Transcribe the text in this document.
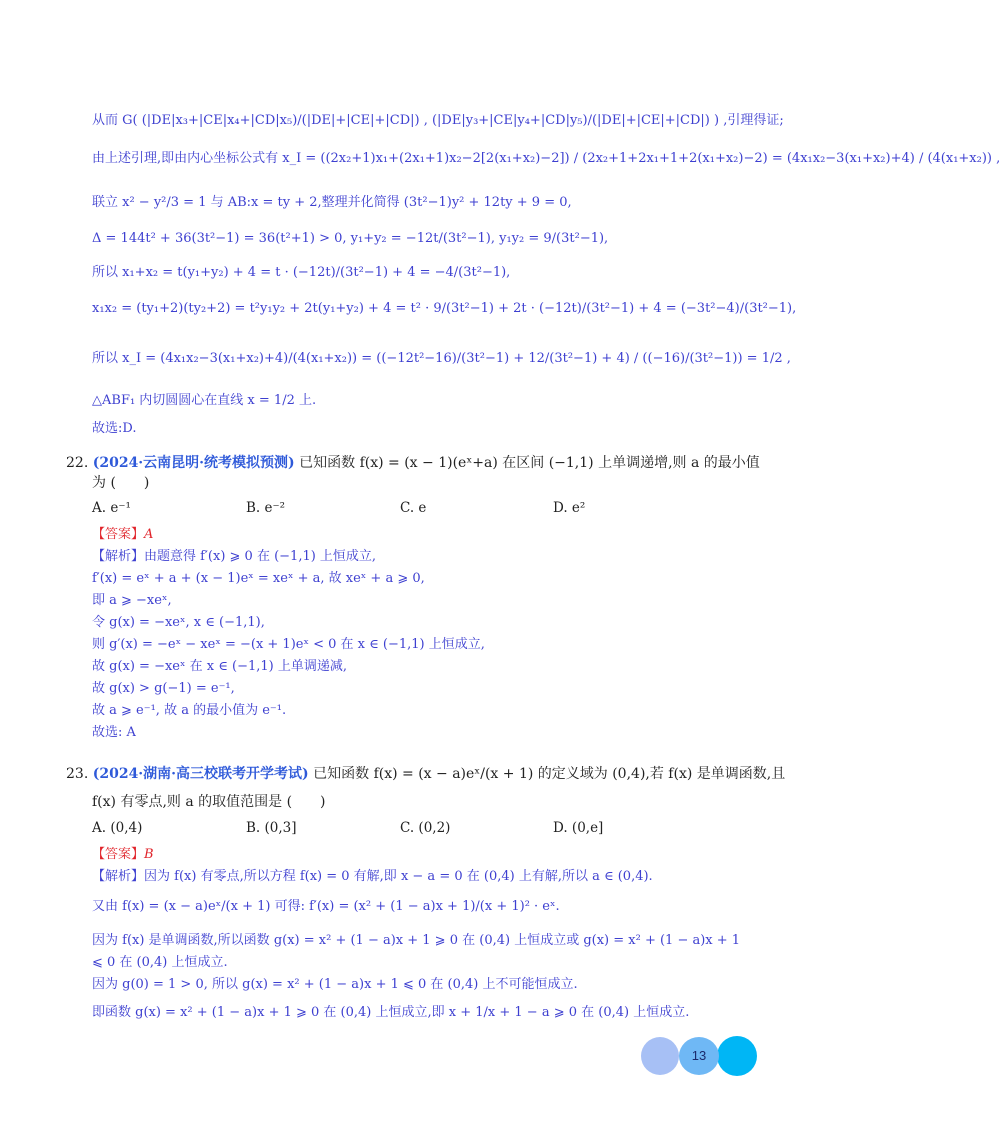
从而 G( (|DE|x₃+|CE|x₄+|CD|x₅)/(|DE|+|CE|+|CD|) , (|DE|y₃+|CE|y₄+|CD|y₅)/(|DE|+|CE|+|CD|) ) ,引理得证;
由上述引理,即由内心坐标公式有 x_I = ((2x₂+1)x₁+(2x₁+1)x₂−2[2(x₁+x₂)−2]) / (2x₂+1+2x₁+1+2(x₁+x₂)−2) = (4x₁x₂−3(x₁+x₂)+4) / (4(x₁+x₂)) ,
联立 x² − y²/3 = 1 与 AB:x = ty + 2,整理并化简得 (3t²−1)y² + 12ty + 9 = 0,
Δ = 144t² + 36(3t²−1) = 36(t²+1) > 0, y₁+y₂ = −12t/(3t²−1), y₁y₂ = 9/(3t²−1),
所以 x₁+x₂ = t(y₁+y₂) + 4 = t · (−12t)/(3t²−1) + 4 = −4/(3t²−1),
x₁x₂ = (ty₁+2)(ty₂+2) = t²y₁y₂ + 2t(y₁+y₂) + 4 = t² · 9/(3t²−1) + 2t · (−12t)/(3t²−1) + 4 = (−3t²−4)/(3t²−1),
所以 x_I = (4x₁x₂−3(x₁+x₂)+4)/(4(x₁+x₂)) = ((−12t²−16)/(3t²−1) + 12/(3t²−1) + 4) / ((−16)/(3t²−1)) = 1/2 ,
△ABF₁ 内切圆圆心在直线 x = 1/2 上.
故选:D.
22. (2024·云南昆明·统考模拟预测) 已知函数 f(x) = (x − 1)(eˣ+a) 在区间 (−1,1) 上单调递增,则 a 的最小值
为 (　　)
A. e⁻¹	B. e⁻²	C. e	D. e²
【答案】A
【解析】由题意得 f′(x) ⩾ 0 在 (−1,1) 上恒成立,
f′(x) = eˣ + a + (x − 1)eˣ = xeˣ + a, 故 xeˣ + a ⩾ 0,
即 a ⩾ −xeˣ,
令 g(x) = −xeˣ, x ∈ (−1,1),
则 g′(x) = −eˣ − xeˣ = −(x + 1)eˣ < 0 在 x ∈ (−1,1) 上恒成立,
故 g(x) = −xeˣ 在 x ∈ (−1,1) 上单调递减,
故 g(x) > g(−1) = e⁻¹,
故 a ⩾ e⁻¹, 故 a 的最小值为 e⁻¹.
故选: A
23. (2024·湖南·高三校联考开学考试) 已知函数 f(x) = (x − a)eˣ/(x + 1) 的定义域为 (0,4),若 f(x) 是单调函数,且
f(x) 有零点,则 a 的取值范围是 (　　)
A. (0,4)	B. (0,3]	C. (0,2)	D. (0,e]
【答案】B
【解析】因为 f(x) 有零点,所以方程 f(x) = 0 有解,即 x − a = 0 在 (0,4) 上有解,所以 a ∈ (0,4).
又由 f(x) = (x − a)eˣ/(x + 1) 可得: f′(x) = (x² + (1 − a)x + 1)/(x + 1)² · eˣ.
因为 f(x) 是单调函数,所以函数 g(x) = x² + (1 − a)x + 1 ⩾ 0 在 (0,4) 上恒成立或 g(x) = x² + (1 − a)x + 1
⩽ 0 在 (0,4) 上恒成立.
因为 g(0) = 1 > 0, 所以 g(x) = x² + (1 − a)x + 1 ⩽ 0 在 (0,4) 上不可能恒成立.
即函数 g(x) = x² + (1 − a)x + 1 ⩾ 0 在 (0,4) 上恒成立,即 x + 1/x + 1 − a ⩾ 0 在 (0,4) 上恒成立.
13
